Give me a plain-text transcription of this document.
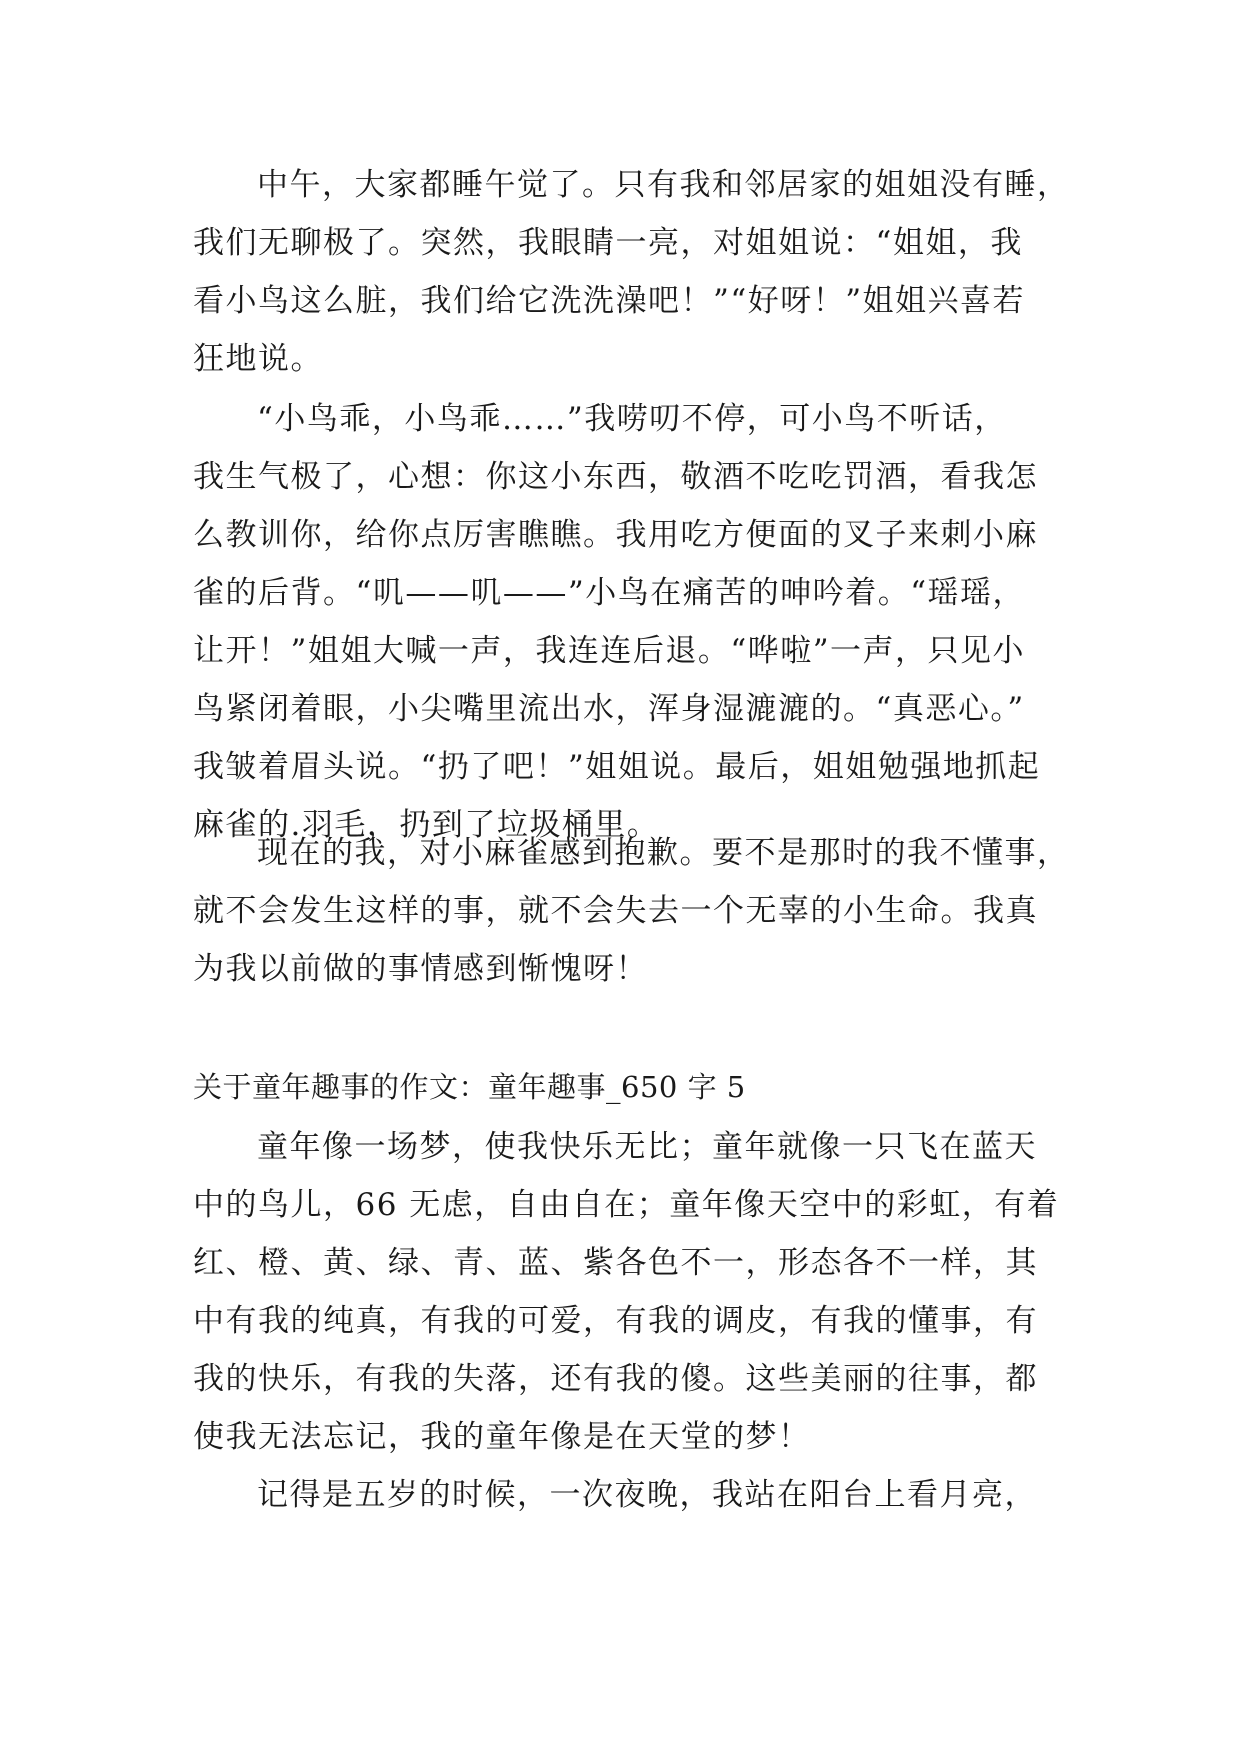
中午，大家都睡午觉了。只有我和邻居家的姐姐没有睡，
我们无聊极了。突然，我眼睛一亮，对姐姐说：“姐姐，我
看小鸟这么脏，我们给它洗洗澡吧！”“好呀！”姐姐兴喜若
狂地说。
“小鸟乖，小鸟乖……”我唠叨不停，可小鸟不听话，
我生气极了，心想：你这小东西，敬酒不吃吃罚酒，看我怎
么教训你，给你点厉害瞧瞧。我用吃方便面的叉子来刺小麻
雀的后背。“叽——叽——”小鸟在痛苦的呻吟着。“瑶瑶，
让开！”姐姐大喊一声，我连连后退。“哗啦”一声，只见小
鸟紧闭着眼，小尖嘴里流出水，浑身湿漉漉的。“真恶心。”
我皱着眉头说。“扔了吧！”姐姐说。最后，姐姐勉强地抓起
麻雀的.羽毛，扔到了垃圾桶里。
现在的我，对小麻雀感到抱歉。要不是那时的我不懂事，
就不会发生这样的事，就不会失去一个无辜的小生命。我真
为我以前做的事情感到惭愧呀！
关于童年趣事的作文：童年趣事_650 字 5
童年像一场梦，使我快乐无比；童年就像一只飞在蓝天
中的鸟儿，66 无虑，自由自在；童年像天空中的彩虹，有着
红、橙、黄、绿、青、蓝、紫各色不一，形态各不一样，其
中有我的纯真，有我的可爱，有我的调皮，有我的懂事，有
我的快乐，有我的失落，还有我的傻。这些美丽的往事，都
使我无法忘记，我的童年像是在天堂的梦！
记得是五岁的时候，一次夜晚，我站在阳台上看月亮，
